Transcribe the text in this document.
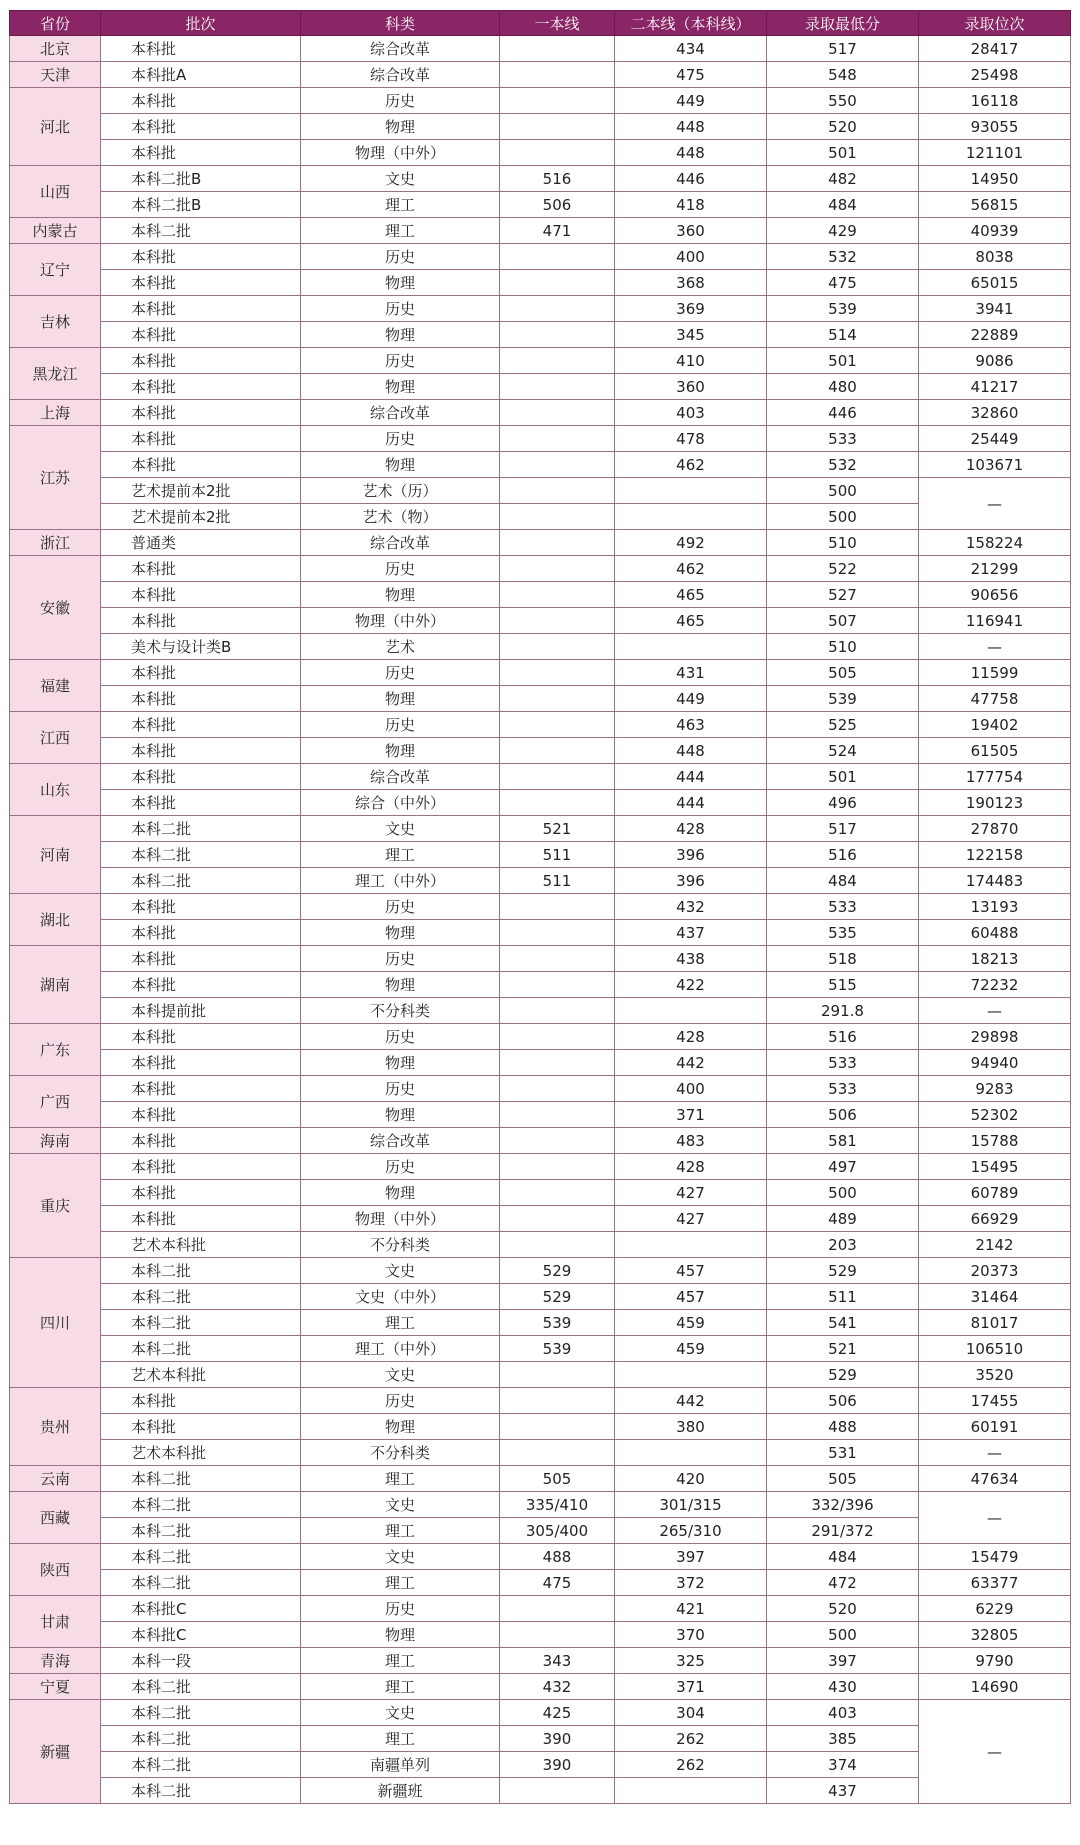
省份	批次	科类	一本线	二本线（本科线）	录取最低分	录取位次
北京	本科批	综合改革		434	517	28417
天津	本科批A	综合改革		475	548	25498
河北	本科批	历史		449	550	16118
	本科批	物理		448	520	93055
	本科批	物理（中外）		448	501	121101
山西	本科二批B	文史	516	446	482	14950
	本科二批B	理工	506	418	484	56815
内蒙古	本科二批	理工	471	360	429	40939
辽宁	本科批	历史		400	532	8038
	本科批	物理		368	475	65015
吉林	本科批	历史		369	539	3941
	本科批	物理		345	514	22889
黑龙江	本科批	历史		410	501	9086
	本科批	物理		360	480	41217
上海	本科批	综合改革		403	446	32860
江苏	本科批	历史		478	533	25449
	本科批	物理		462	532	103671
	艺术提前本2批	艺术（历）			500	—
	艺术提前本2批	艺术（物）			500	
浙江	普通类	综合改革		492	510	158224
安徽	本科批	历史		462	522	21299
	本科批	物理		465	527	90656
	本科批	物理（中外）		465	507	116941
	美术与设计类B	艺术			510	—
福建	本科批	历史		431	505	11599
	本科批	物理		449	539	47758
江西	本科批	历史		463	525	19402
	本科批	物理		448	524	61505
山东	本科批	综合改革		444	501	177754
	本科批	综合（中外）		444	496	190123
河南	本科二批	文史	521	428	517	27870
	本科二批	理工	511	396	516	122158
	本科二批	理工（中外）	511	396	484	174483
湖北	本科批	历史		432	533	13193
	本科批	物理		437	535	60488
湖南	本科批	历史		438	518	18213
	本科批	物理		422	515	72232
	本科提前批	不分科类			291.8	—
广东	本科批	历史		428	516	29898
	本科批	物理		442	533	94940
广西	本科批	历史		400	533	9283
	本科批	物理		371	506	52302
海南	本科批	综合改革		483	581	15788
重庆	本科批	历史		428	497	15495
	本科批	物理		427	500	60789
	本科批	物理（中外）		427	489	66929
	艺术本科批	不分科类			203	2142
四川	本科二批	文史	529	457	529	20373
	本科二批	文史（中外）	529	457	511	31464
	本科二批	理工	539	459	541	81017
	本科二批	理工（中外）	539	459	521	106510
	艺术本科批	文史			529	3520
贵州	本科批	历史		442	506	17455
	本科批	物理		380	488	60191
	艺术本科批	不分科类			531	—
云南	本科二批	理工	505	420	505	47634
西藏	本科二批	文史	335/410	301/315	332/396	—
	本科二批	理工	305/400	265/310	291/372	
陕西	本科二批	文史	488	397	484	15479
	本科二批	理工	475	372	472	63377
甘肃	本科批C	历史		421	520	6229
	本科批C	物理		370	500	32805
青海	本科一段	理工	343	325	397	9790
宁夏	本科二批	理工	432	371	430	14690
新疆	本科二批	文史	425	304	403	—
	本科二批	理工	390	262	385	
	本科二批	南疆单列	390	262	374	
	本科二批	新疆班			437	
